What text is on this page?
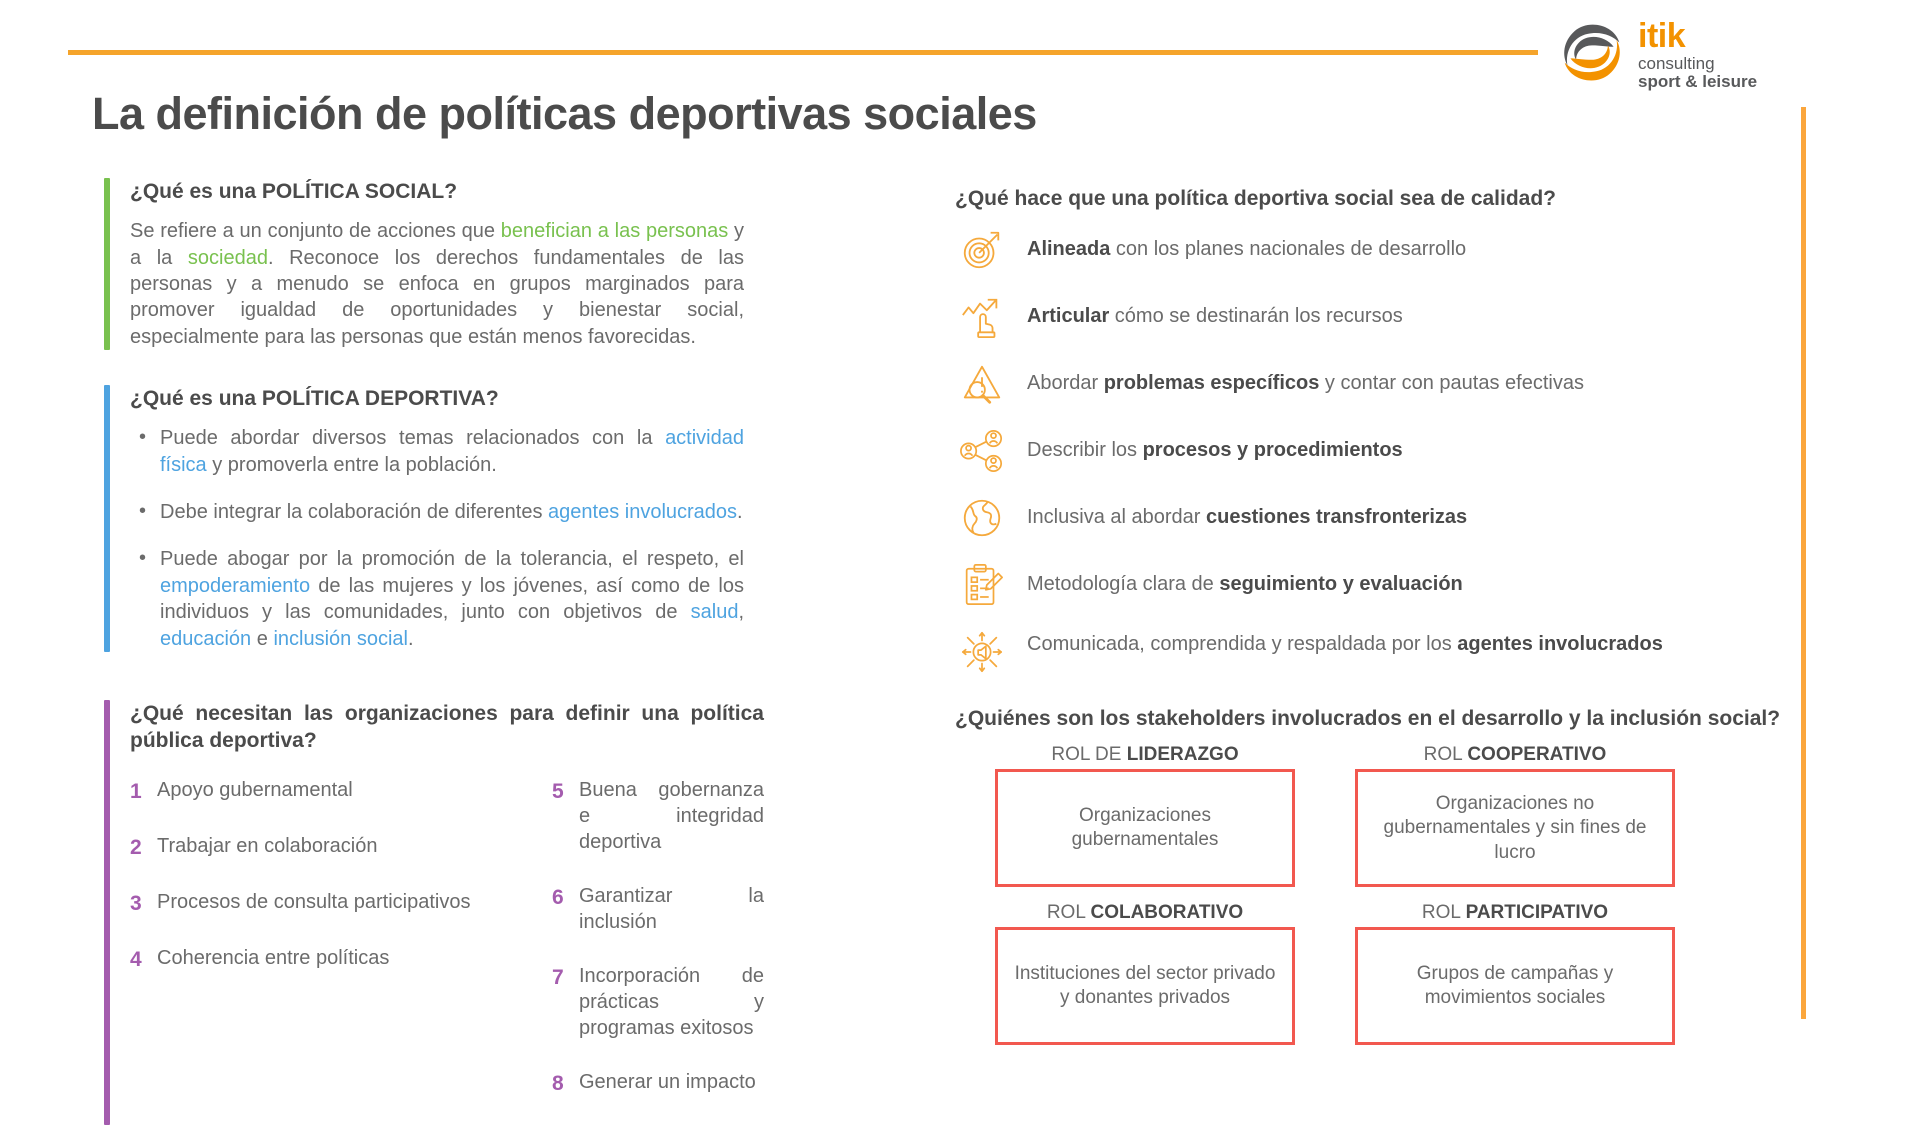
itik
consulting
sport & leisure
La definición de políticas deportivas sociales
¿Qué es una POLÍTICA SOCIAL?
Se refiere a un conjunto de acciones que benefician a las personas y a la sociedad. Reconoce los derechos fundamentales de las personas y a menudo se enfoca en grupos marginados para promover igualdad de oportunidades y bienestar social, especialmente para las personas que están menos favorecidas.
¿Qué es una POLÍTICA DEPORTIVA?
• Puede abordar diversos temas relacionados con la actividad física y promoverla entre la población.
• Debe integrar la colaboración de diferentes agentes involucrados.
• Puede abogar por la promoción de la tolerancia, el respeto, el empoderamiento de las mujeres y los jóvenes, así como de los individuos y las comunidades, junto con objetivos de salud, educación e inclusión social.
¿Qué necesitan las organizaciones para definir una política pública deportiva?
1 Apoyo gubernamental
2 Trabajar en colaboración
3 Procesos de consulta participativos
4 Coherencia entre políticas
5 Buena gobernanza e integridad deportiva
6 Garantizar la inclusión
7 Incorporación de prácticas y programas exitosos
8 Generar un impacto
¿Qué hace que una política deportiva social sea de calidad?
Alineada con los planes nacionales de desarrollo
Articular cómo se destinarán los recursos
Abordar problemas específicos y contar con pautas efectivas
Describir los procesos y procedimientos
Inclusiva al abordar cuestiones transfronterizas
Metodología clara de seguimiento y evaluación
Comunicada, comprendida y respaldada por los agentes involucrados
¿Quiénes son los stakeholders involucrados en el desarrollo y la inclusión social?
Organizaciones gubernamentales
ROL DE LIDERAZGO
Organizaciones no gubernamentales y sin fines de lucro
ROL COOPERATIVO
Instituciones del sector privado y donantes privados
ROL COLABORATIVO
Grupos de campañas y movimientos sociales
ROL PARTICIPATIVO
